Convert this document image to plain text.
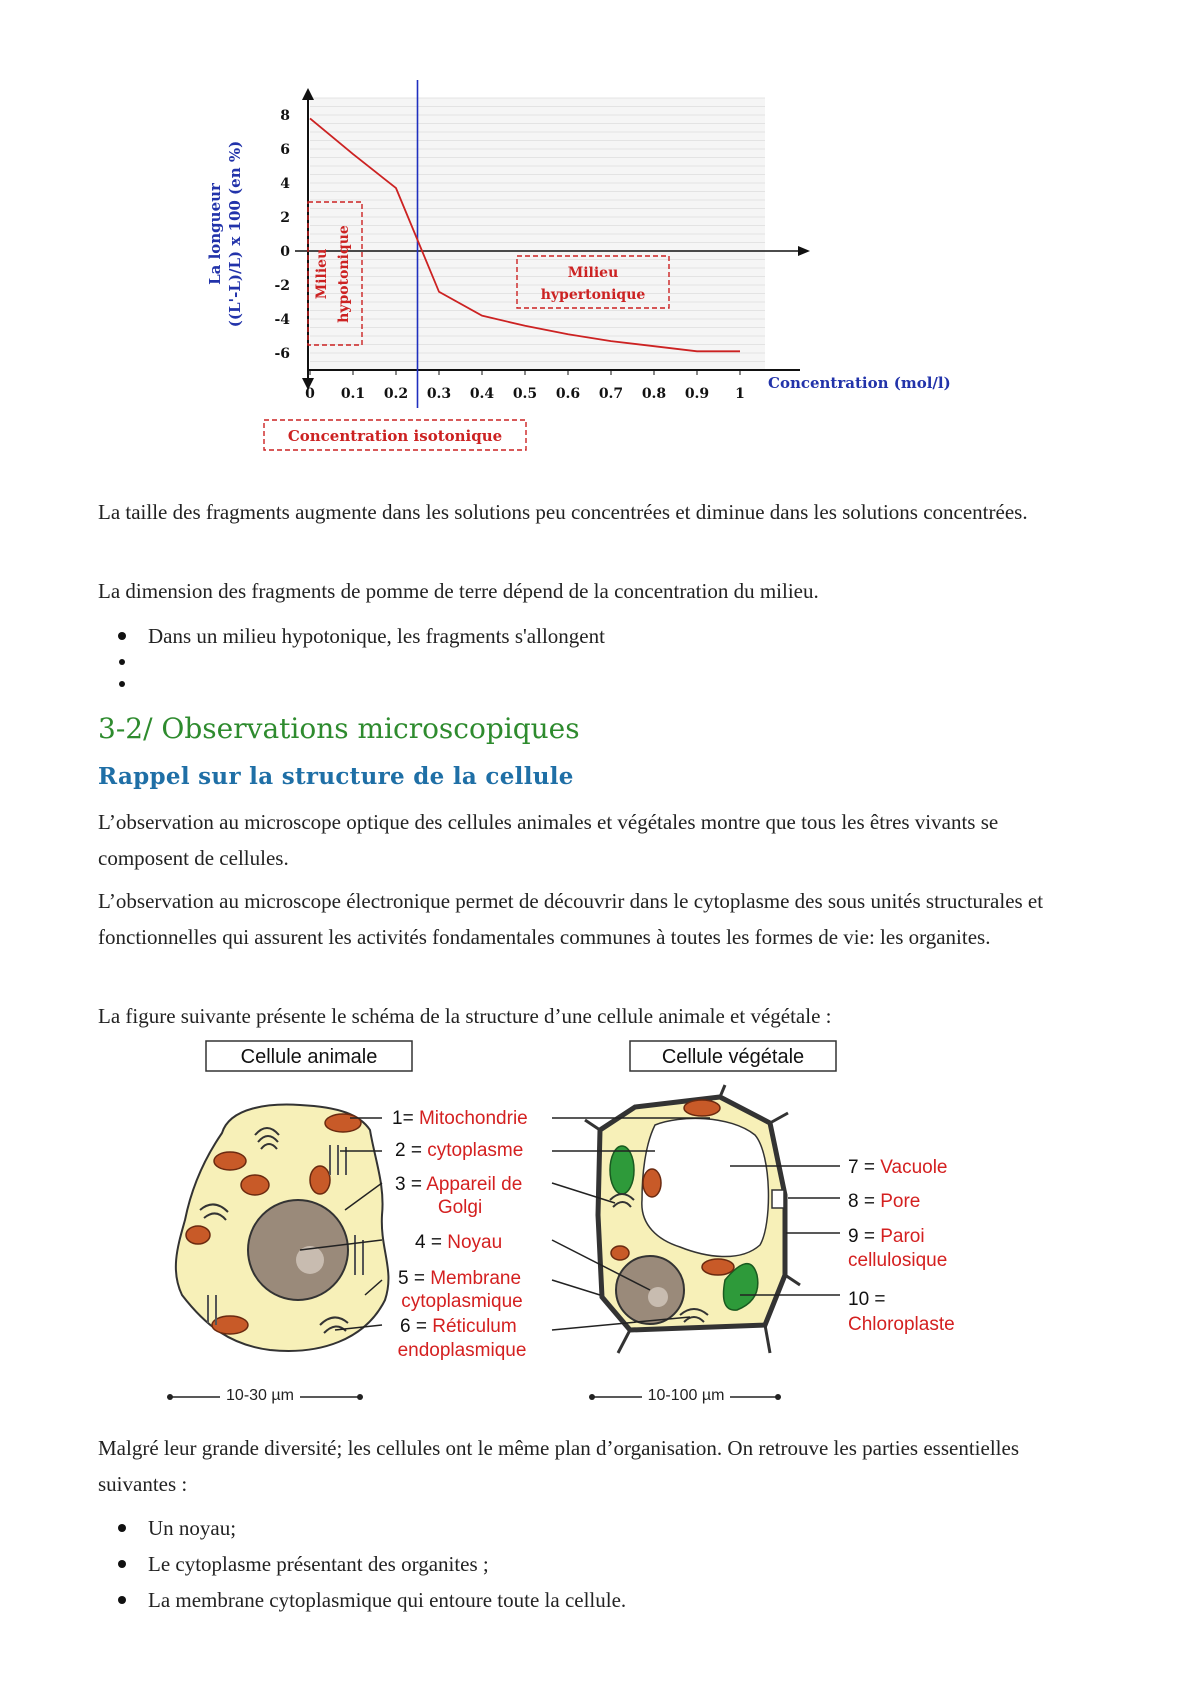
8
6
4
2
0
-2
-4
-6
0 0.1 0.2 0.3 0.4 0.5 0.6 0.7 0.8 0.9 1
La longueur ((L'-L)/L) x 100 (en %)
Concentration (mol/l)
Milieu hypotonique	Milieu hypertonique
Concentration isotonique

La taille des fragments augmente dans les solutions peu concentrées et diminue dans les solutions concentrées.

La dimension des fragments de pomme de terre dépend de la concentration du milieu.

Dans un milieu hypotonique, les fragments s'allongent
3-2/ Observations microscopiques
Rappel sur la structure de la cellule

L’observation au microscope optique des cellules animales et végétales montre que tous les êtres vivants se composent de cellules.

L’observation au microscope électronique permet de découvrir dans le cytoplasme des sous unités structurales et fonctionnelles qui assurent les activités fondamentales communes à toutes les formes de vie: les organites.

La figure suivante présente le schéma de la structure d’une cellule animale et végétale :

Cellule animale	Cellule végétale
10-30 µm	10-100 µm
1= Mitochondrie
2 = cytoplasme
3 = Appareil de
Golgi
4 = Noyau
5 = Membrane
cytoplasmique
6 = Réticulum
endoplasmique
7 = Vacuole
8 = Pore
9 = Paroi
cellulosique
10 =
Chloroplaste

Malgré leur grande diversité; les cellules ont le même plan d’organisation. On retrouve les parties essentielles suivantes :

Un noyau;
Le cytoplasme présentant des organites ;
La membrane cytoplasmique qui entoure toute la cellule.
